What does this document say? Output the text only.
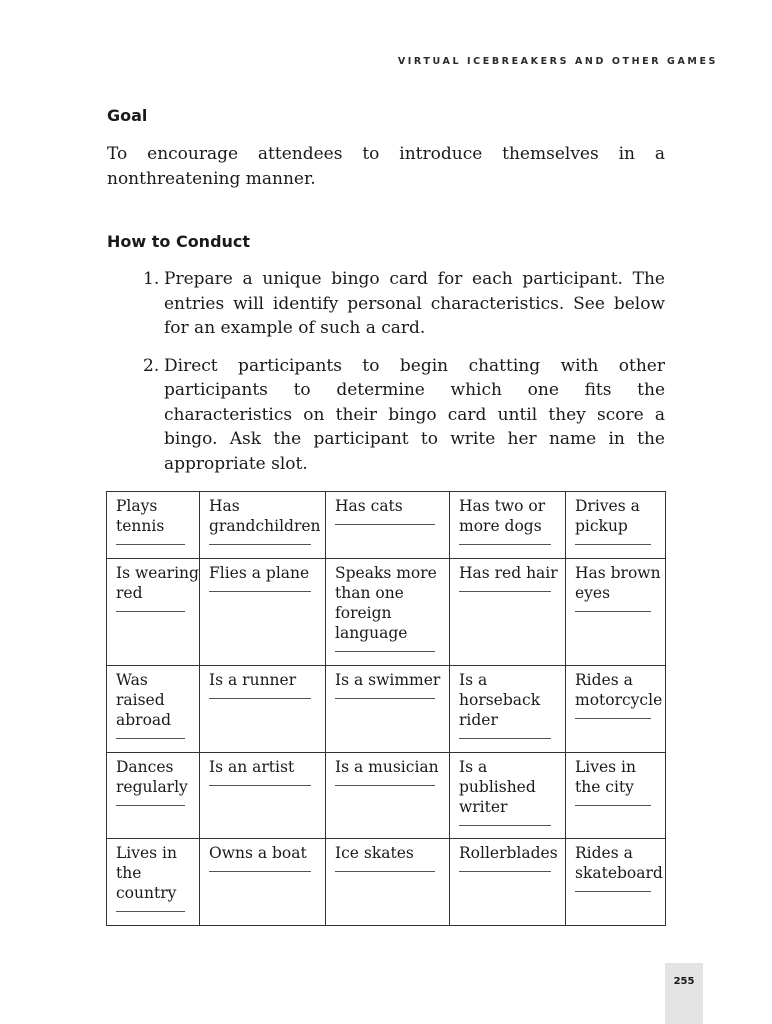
VIRTUAL ICEBREAKERS AND OTHER GAMES
Goal

To encourage attendees to introduce themselves in a nonthreatening manner.

How to Conduct
1. Prepare a unique bingo card for each participant. The entries will identify personal characteristics. See below for an example of such a card.
2. Direct participants to begin chatting with other participants to determine which one fits the characteristics on their bingo card until they score a bingo. Ask the participant to write her name in the appropriate slot.
Plays tennis	Has grandchildren	Has cats	Has two or more dogs	Drives a pickup

Is wearing red	Flies a plane	Speaks more than one foreign language	Has red hair	Has brown eyes

Was raised abroad	Is a runner	Is a swimmer	Is a horseback rider	Rides a motorcycle

Dances regularly	Is an artist	Is a musician	Is a published writer	Lives in the city

Lives in the country	Owns a boat	Ice skates	Rollerblades	Rides a skateboard
255
